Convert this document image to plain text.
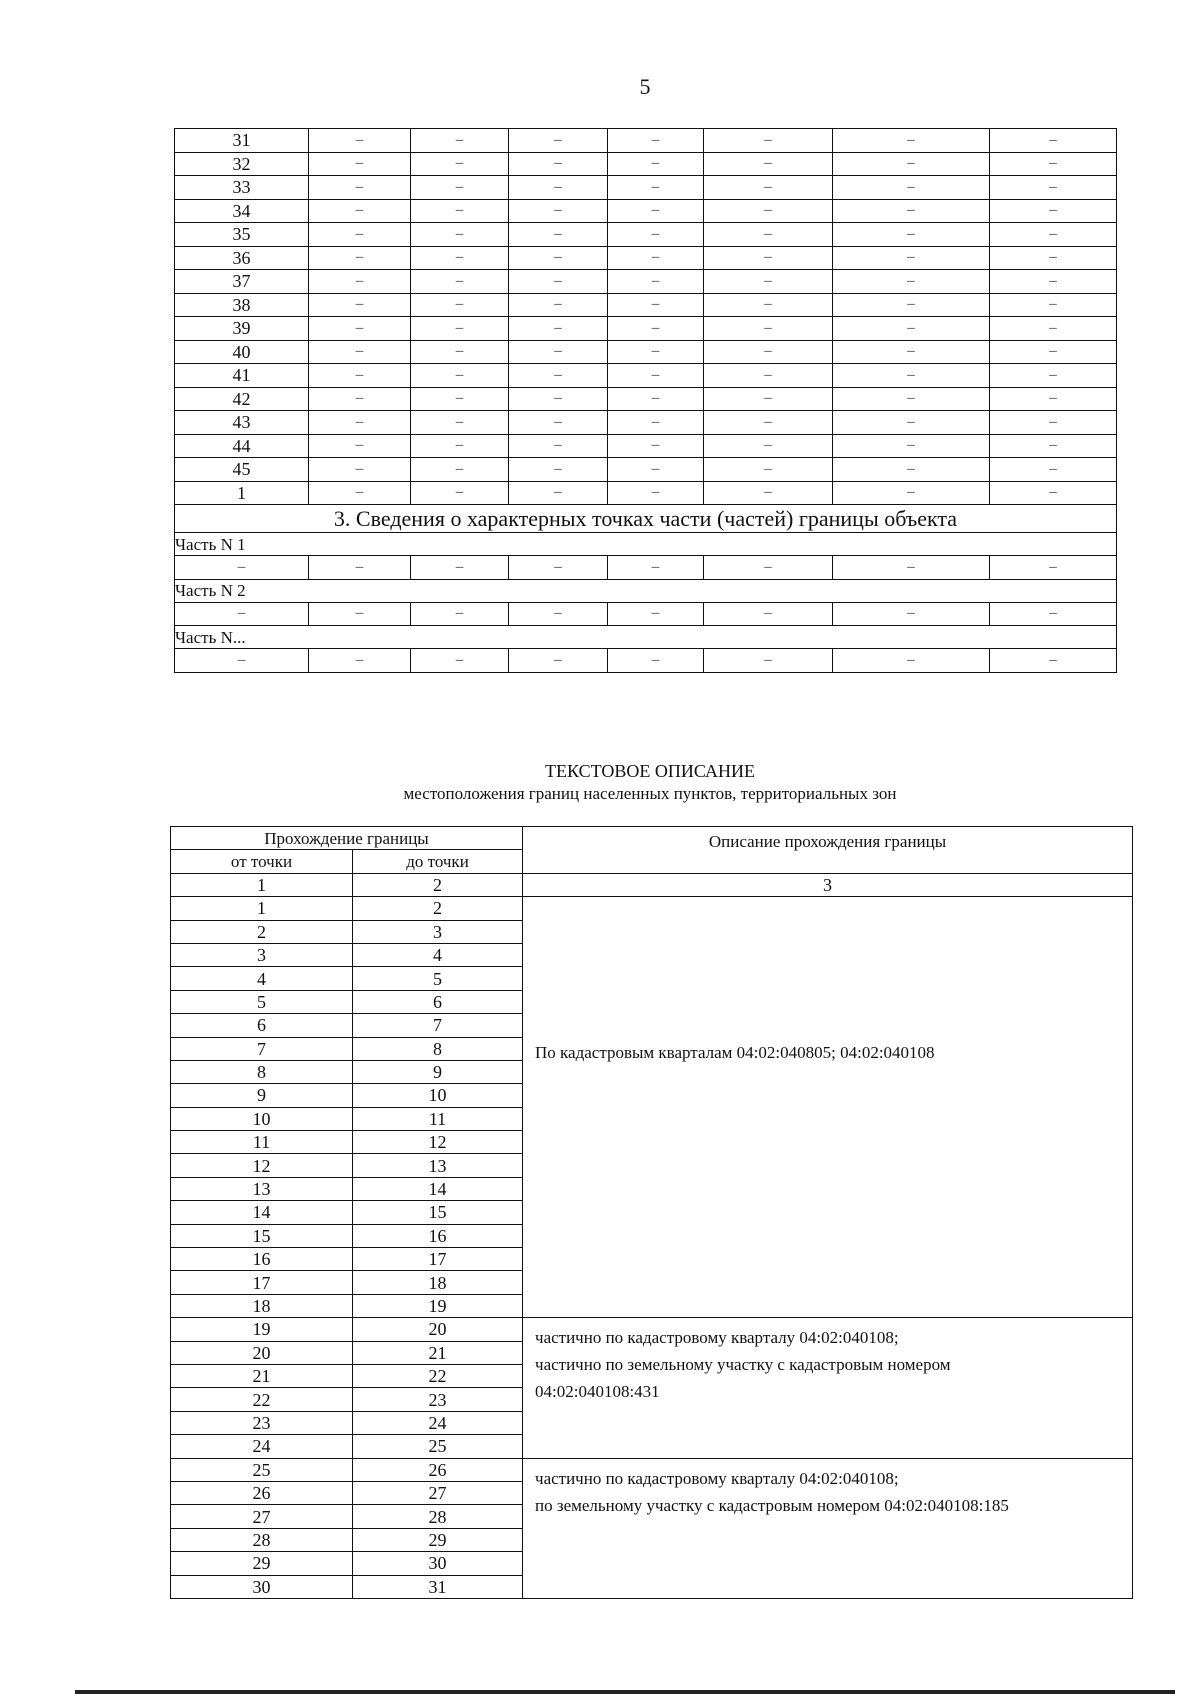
5
31	–	–	–	–	–	–	–
32	–	–	–	–	–	–	–
33	–	–	–	–	–	–	–
34	–	–	–	–	–	–	–
35	–	–	–	–	–	–	–
36	–	–	–	–	–	–	–
37	–	–	–	–	–	–	–
38	–	–	–	–	–	–	–
39	–	–	–	–	–	–	–
40	–	–	–	–	–	–	–
41	–	–	–	–	–	–	–
42	–	–	–	–	–	–	–
43	–	–	–	–	–	–	–
44	–	–	–	–	–	–	–
45	–	–	–	–	–	–	–
1	–	–	–	–	–	–	–
3. Сведения о характерных точках части (частей) границы объекта							
Часть N 1							
–	–	–	–	–	–	–	–
Часть N 2							
–	–	–	–	–	–	–	–
Часть N...							
–	–	–	–	–	–	–	–
ТЕКСТОВОЕ ОПИСАНИЕ
местоположения границ населенных пунктов, территориальных зон
Прохождение границы		Описание прохождения границы
от точки	до точки	
1	2	3
1	2	По кадастровым кварталам 04:02:040805; 04:02:040108

2	3	
3	4	
4	5	
5	6	
6	7	
7	8	
8	9	
9	10	
10	11	
11	12	
12	13	
13	14	
14	15	
15	16	
16	17	
17	18	
18	19	
19	20	частично по кадастровому кварталу 04:02:040108;
частично по земельному участку с кадастровым номером
04:02:040108:431

20	21	
21	22	
22	23	
23	24	
24	25	
25	26	частично по кадастровому кварталу 04:02:040108;
по земельному участку с кадастровым номером 04:02:040108:185

26	27	
27	28	
28	29	
29	30	
30	31	
